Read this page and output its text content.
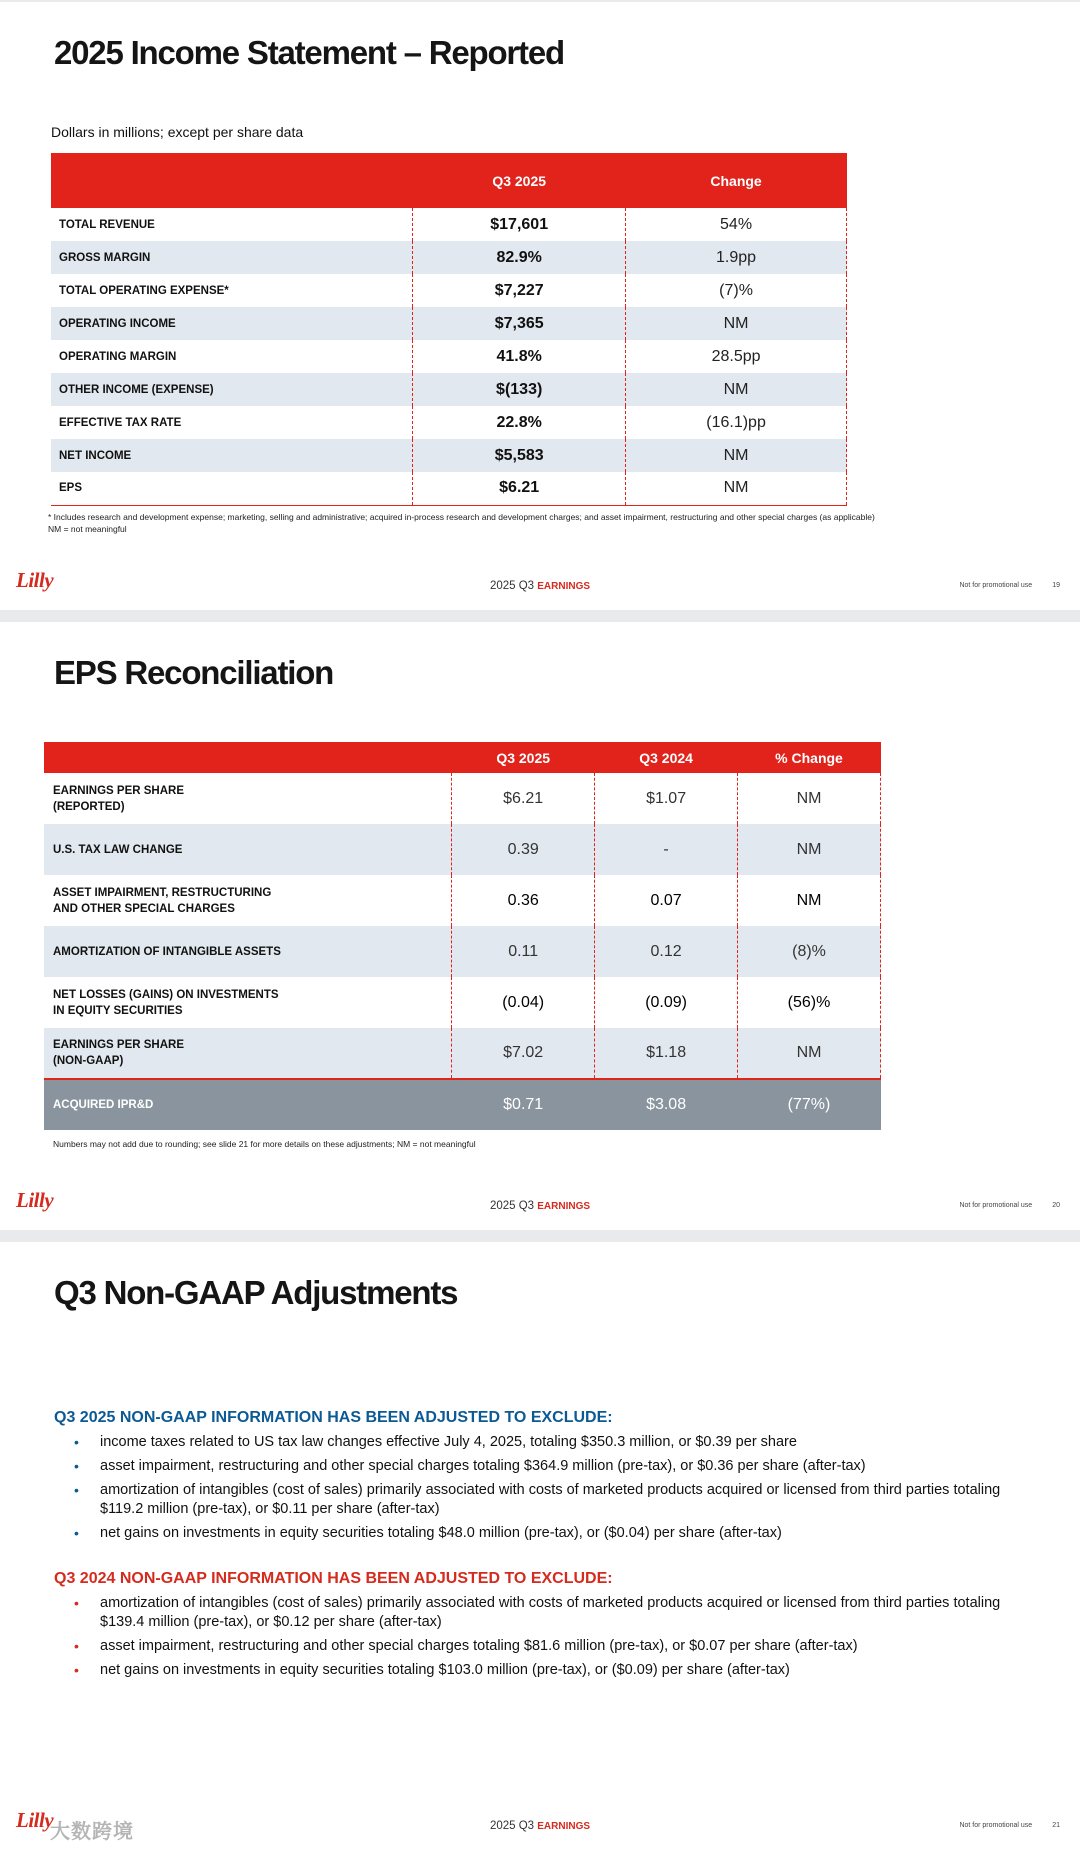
2025 Income Statement – Reported
Dollars in millions; except per share data
	Q3 2025	Change
TOTAL REVENUE	$17,601	54%
GROSS MARGIN	82.9%	1.9pp
TOTAL OPERATING EXPENSE*	$7,227	(7)%
OPERATING INCOME	$7,365	NM
OPERATING MARGIN	41.8%	28.5pp
OTHER INCOME (EXPENSE)	$(133)	NM
EFFECTIVE TAX RATE	22.8%	(16.1)pp
NET INCOME	$5,583	NM
EPS	$6.21	NM
* Includes research and development expense; marketing, selling and administrative; acquired in-process research and development charges; and asset impairment, restructuring and other special charges (as applicable)
NM = not meaningful
Lilly	2025 Q3 EARNINGS	Not for promotional use	19
EPS Reconciliation
	Q3 2025	Q3 2024	% Change

EARNINGS PER SHARE
(REPORTED)	$6.21	$1.07	NM

U.S. TAX LAW CHANGE	0.39	-	NM

ASSET IMPAIRMENT, RESTRUCTURING
AND OTHER SPECIAL CHARGES	0.36	0.07	NM

AMORTIZATION OF INTANGIBLE ASSETS	0.11	0.12	(8)%

NET LOSSES (GAINS) ON INVESTMENTS
IN EQUITY SECURITIES	(0.04)	(0.09)	(56)%

EARNINGS PER SHARE
(NON-GAAP)	$7.02	$1.18	NM
ACQUIRED IPR&D	$0.71	$3.08	(77%)
Numbers may not add due to rounding; see slide 21 for more details on these adjustments; NM = not meaningful
Lilly	2025 Q3 EARNINGS	Not for promotional use	20
Q3 Non-GAAP Adjustments
Q3 2025 NON-GAAP INFORMATION HAS BEEN ADJUSTED TO EXCLUDE:
• income taxes related to US tax law changes effective July 4, 2025, totaling $350.3 million, or $0.39 per share
• asset impairment, restructuring and other special charges totaling $364.9 million (pre-tax), or $0.36 per share (after-tax)
• amortization of intangibles (cost of sales) primarily associated with costs of marketed products acquired or licensed from third parties totaling $119.2 million (pre-tax), or $0.11 per share (after-tax)
• net gains on investments in equity securities totaling $48.0 million (pre-tax), or ($0.04) per share (after-tax)
Q3 2024 NON-GAAP INFORMATION HAS BEEN ADJUSTED TO EXCLUDE:
• amortization of intangibles (cost of sales) primarily associated with costs of marketed products acquired or licensed from third parties totaling $139.4 million (pre-tax), or $0.12 per share (after-tax)
• asset impairment, restructuring and other special charges totaling $81.6 million (pre-tax), or $0.07 per share (after-tax)
• net gains on investments in equity securities totaling $103.0 million (pre-tax), or ($0.09) per share (after-tax)
Lilly	2025 Q3 EARNINGS	Not for promotional use	21
大数跨境
